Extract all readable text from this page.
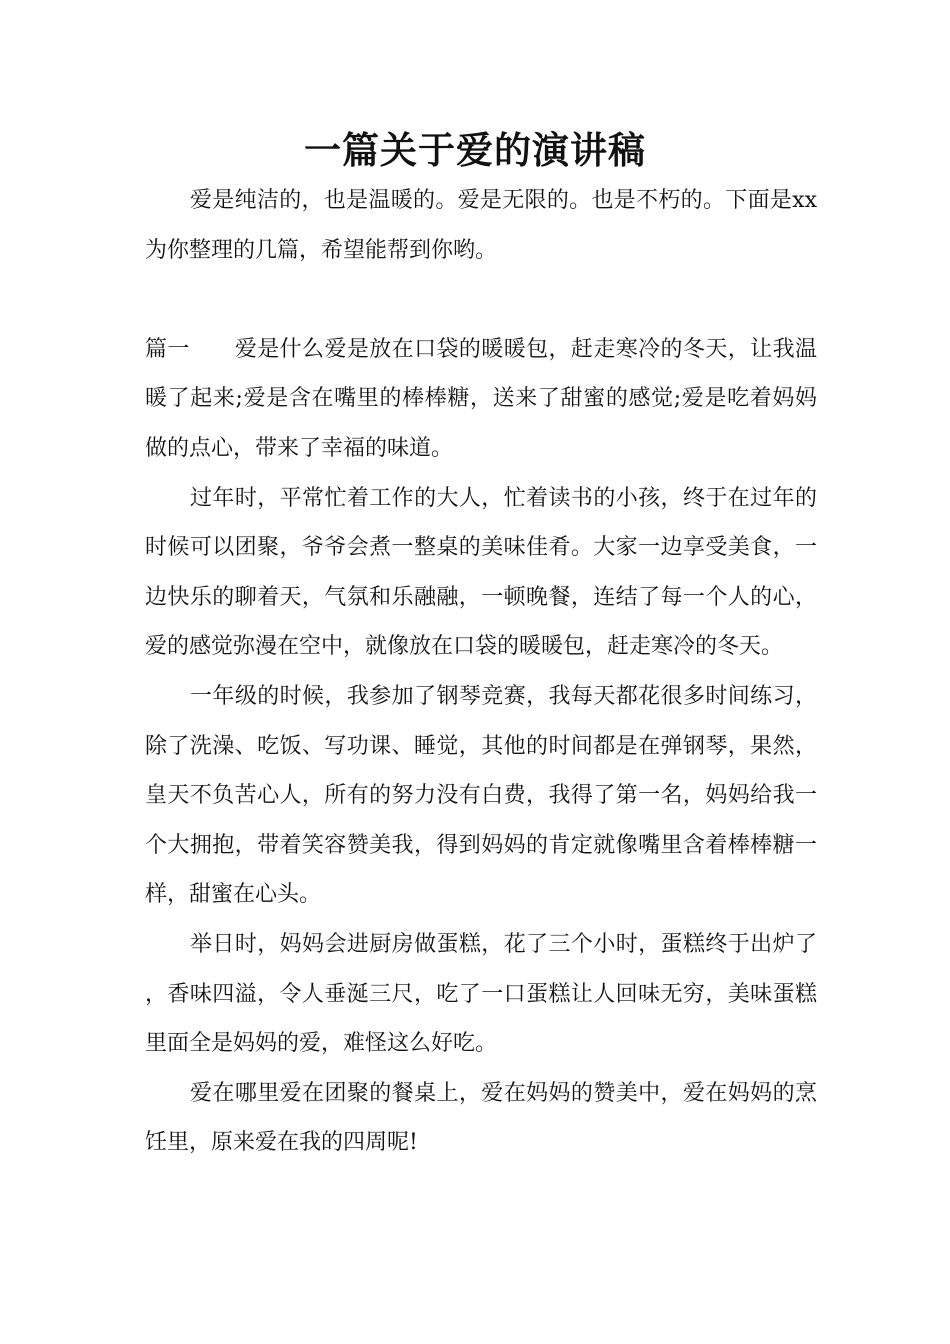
一篇关于爱的演讲稿

爱是纯洁的，也是温暖的。爱是无限的。也是不朽的。下面是xx为你整理的几篇，希望能帮到你哟。

篇一 爱是什么爱是放在口袋的暖暖包，赶走寒冷的冬天，让我温暖了起来;爱是含在嘴里的棒棒糖，送来了甜蜜的感觉;爱是吃着妈妈做的点心，带来了幸福的味道。

过年时，平常忙着工作的大人，忙着读书的小孩，终于在过年的时候可以团聚，爷爷会煮一整桌的美味佳肴。大家一边享受美食，一边快乐的聊着天，气氛和乐融融，一顿晚餐，连结了每一个人的心，爱的感觉弥漫在空中，就像放在口袋的暖暖包，赶走寒冷的冬天。

一年级的时候，我参加了钢琴竞赛，我每天都花很多时间练习，除了洗澡、吃饭、写功课、睡觉，其他的时间都是在弹钢琴，果然，皇天不负苦心人，所有的努力没有白费，我得了第一名，妈妈给我一个大拥抱，带着笑容赞美我，得到妈妈的肯定就像嘴里含着棒棒糖一样，甜蜜在心头。

举日时，妈妈会进厨房做蛋糕，花了三个小时，蛋糕终于出炉了，香味四溢，令人垂涎三尺，吃了一口蛋糕让人回味无穷，美味蛋糕里面全是妈妈的爱，难怪这么好吃。

爱在哪里爱在团聚的餐桌上，爱在妈妈的赞美中，爱在妈妈的烹饪里，原来爱在我的四周呢!
